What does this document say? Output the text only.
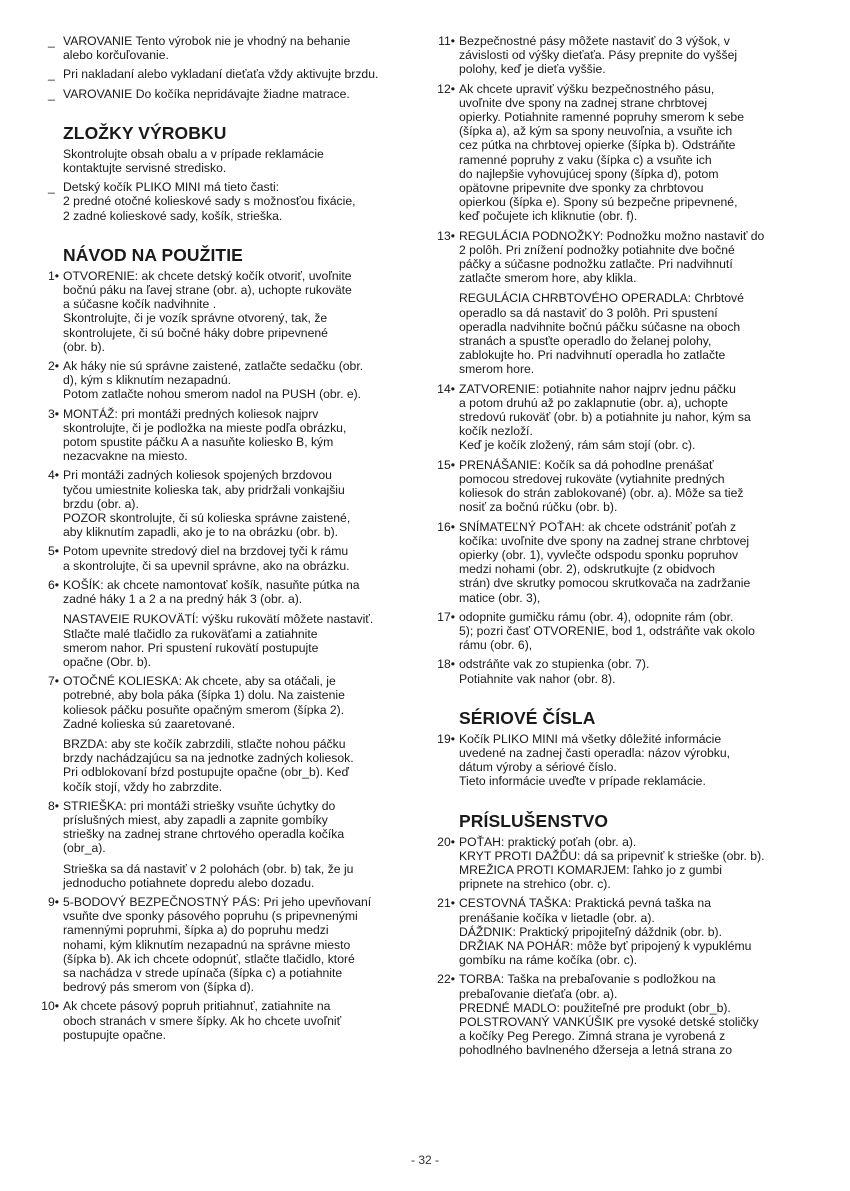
_ VAROVANIE Tento výrobok nie je vhodný na behanie
alebo korčuľovanie.
_ Pri nakladaní alebo vykladaní dieťaťa vždy aktivujte brzdu.
_ VAROVANIE Do kočíka nepridávajte žiadne matrace.
ZLOŽKY VÝROBKU
Skontrolujte obsah obalu a v prípade reklamácie
kontaktujte servisné stredisko.
_ Detský kočík PLIKO MINI má tieto časti:
2 predné otočné kolieskové sady s možnosťou fixácie,
2 zadné kolieskové sady, košík, strieška.
NÁVOD NA POUŽITIE
1• OTVORENIE: ak chcete detský kočík otvoriť, uvoľnite
bočnú páku na ľavej strane (obr. a), uchopte rukoväte
a súčasne kočík nadvihnite .
Skontrolujte, či je vozík správne otvorený, tak, že
skontrolujete, či sú bočné háky dobre pripevnené
(obr. b).
2• Ak háky nie sú správne zaistené, zatlačte sedačku (obr.
d), kým s kliknutím nezapadnú.
Potom zatlačte nohou smerom nadol na PUSH (obr. e).
3• MONTÁŽ: pri montáži predných koliesok najprv
skontrolujte, či je podložka na mieste podľa obrázku,
potom spustite páčku A a nasuňte koliesko B, kým
nezacvakne na miesto.
4• Pri montáži zadných koliesok spojených brzdovou
tyčou umiestnite kolieska tak, aby pridržali vonkajšiu
brzdu (obr. a).
POZOR skontrolujte, či sú kolieska správne zaistené,
aby kliknutím zapadli, ako je to na obrázku (obr. b).
5• Potom upevnite stredový diel na brzdovej tyči k rámu
a skontrolujte, či sa upevnil správne, ako na obrázku.
6• KOŠÍK: ak chcete namontovať košík, nasuňte pútka na
zadné háky 1 a 2 a na predný hák 3 (obr. a).
NASTAVEIE RUKOVÄTÍ: výšku rukovätí môžete nastaviť.
Stlačte malé tlačidlo za rukoväťami a zatiahnite
smerom nahor. Pri spustení rukovätí postupujte
opačne (Obr. b).
7• OTOČNÉ KOLIESKA: Ak chcete, aby sa otáčali, je
potrebné, aby bola páka (šípka 1) dolu. Na zaistenie
koliesok páčku posuňte opačným smerom (šípka 2).
Zadné kolieska sú zaaretované.
BRZDA: aby ste kočík zabrzdili, stlačte nohou páčku
brzdy nachádzajúcu sa na jednotke zadných koliesok.
Pri odblokovaní bŕzd postupujte opačne (obr_b). Keď
kočík stojí, vždy ho zabrzdite.
8• STRIEŠKA: pri montáži striešky vsuňte úchytky do
príslušných miest, aby zapadli a zapnite gombíky
striešky na zadnej strane chrtového operadla kočíka
(obr_a).
Strieška sa dá nastaviť v 2 polohách (obr. b) tak, že ju
jednoducho potiahnete dopredu alebo dozadu.
9• 5-BODOVÝ BEZPEČNOSTNÝ PÁS: Pri jeho upevňovaní
vsuňte dve sponky pásového popruhu (s pripevnenými
ramennými popruhmi, šípka a) do popruhu medzi
nohami, kým kliknutím nezapadnú na správne miesto
(šípka b). Ak ich chcete odopnúť, stlačte tlačidlo, ktoré
sa nachádza v strede upínača (šípka c) a potiahnite
bedrový pás smerom von (šípka d).
10• Ak chcete pásový popruh pritiahnuť, zatiahnite na
oboch stranách v smere šípky. Ak ho chcete uvoľniť
postupujte opačne.
11• Bezpečnostné pásy môžete nastaviť do 3 výšok, v
závislosti od výšky dieťaťa. Pásy prepnite do vyššej
polohy, keď je dieťa vyššie.
12• Ak chcete upraviť výšku bezpečnostného pásu,
uvoľnite dve spony na zadnej strane chrbtovej
opierky. Potiahnite ramenné popruhy smerom k sebe
(šípka a), až kým sa spony neuvoľnia, a vsuňte ich
cez pútka na chrbtovej opierke (šípka b). Odstráňte
ramenné popruhy z vaku (šípka c) a vsuňte ich
do najlepšie vyhovujúcej spony (šípka d), potom
opätovne pripevnite dve sponky za chrbtovou
opierkou (šípka e). Spony sú bezpečne pripevnené,
keď počujete ich kliknutie (obr. f).
13• REGULÁCIA PODNOŽKY: Podnožku možno nastaviť do
2 polôh. Pri znížení podnožky potiahnite dve bočné
páčky a súčasne podnožku zatlačte. Pri nadvihnutí
zatlačte smerom hore, aby klikla.
REGULÁCIA CHRBTOVÉHO OPERADLA: Chrbtové
operadlo sa dá nastaviť do 3 polôh. Pri spustení
operadla nadvihnite bočnú páčku súčasne na oboch
stranách a spusťte operadlo do želanej polohy,
zablokujte ho. Pri nadvihnutí operadla ho zatlačte
smerom hore.
14• ZATVORENIE: potiahnite nahor najprv jednu páčku
a potom druhú až po zaklapnutie (obr. a), uchopte
stredovú rukoväť (obr. b) a potiahnite ju nahor, kým sa
kočík nezloží.
Keď je kočík zložený, rám sám stojí (obr. c).
15• PRENÁŠANIE: Kočík sa dá pohodlne prenášať
pomocou stredovej rukoväte (vytiahnite predných
koliesok do strán zablokované) (obr. a). Môže sa tiež
nosiť za bočnú rúčku (obr. b).
16• SNÍMATEĽNÝ POŤAH: ak chcete odstrániť poťah z
kočíka: uvoľnite dve spony na zadnej strane chrbtovej
opierky (obr. 1), vyvlečte odspodu sponku popruhov
medzi nohami (obr. 2), odskrutkujte (z obidvoch
strán) dve skrutky pomocou skrutkovača na zadržanie
matice (obr. 3),
17• odopnite gumičku rámu (obr. 4), odopnite rám (obr.
5); pozri časť OTVORENIE, bod 1, odstráňte vak okolo
rámu (obr. 6),
18• odstráňte vak zo stupienka (obr. 7).
Potiahnite vak nahor (obr. 8).
SÉRIOVÉ ČÍSLA
19• Kočík PLIKO MINI má všetky dôležité informácie
uvedené na zadnej časti operadla: názov výrobku,
dátum výroby a sériové číslo.
Tieto informácie uveďte v prípade reklamácie.
PRÍSLUŠENSTVO
20• POŤAH: praktický poťah (obr. a).
KRYT PROTI DAŽĎU: dá sa pripevniť k strieške (obr. b).
MREŽICA PROTI KOMARJEM: ľahko jo z gumbi
pripnete na strehico (obr. c).
21• CESTOVNÁ TAŠKA: Praktická pevná taška na
prenášanie kočíka v lietadle (obr. a).
DÁŽDNIK: Praktický pripojiteľný dáždnik (obr. b).
DRŽIAK NA POHÁR: môže byť pripojený k vypuklému
gombíku na ráme kočíka (obr. c).
22• TORBA: Taška na prebaľovanie s podložkou na
prebaľovanie dieťaťa (obr. a).
PREDNÉ MADLO: použiteľné pre produkt (obr_b).
POLSTROVANÝ VANKÚŠIK pre vysoké detské stoličky
a kočíky Peg Perego. Zimná strana je vyrobená z
pohodlného bavlneného džerseja a letná strana zo
- 32 -
